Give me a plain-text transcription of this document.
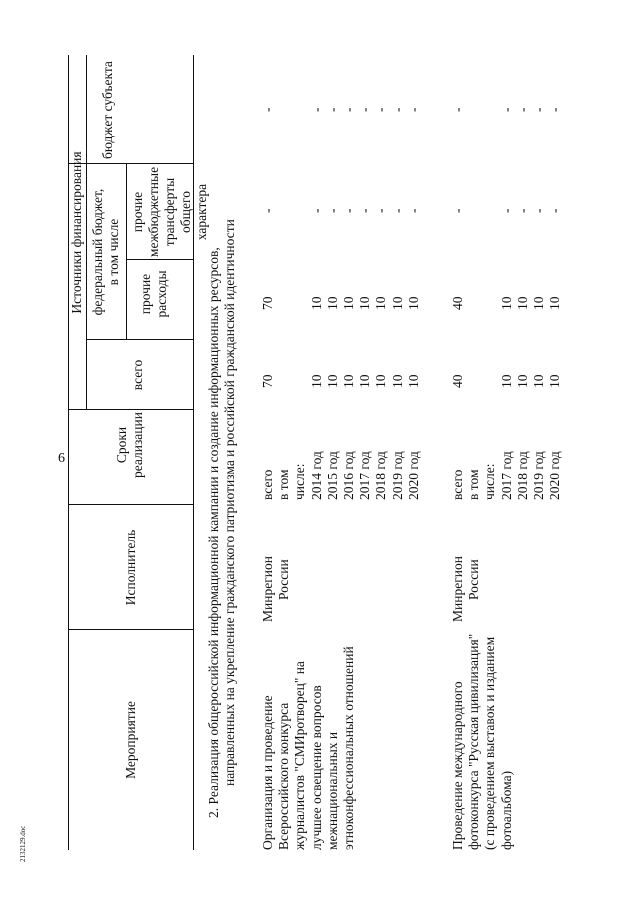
6
2132129.doc
Мероприятие
Исполнитель
Сроки реализации
Источники финансирования
всего
федеральный бюджет, в том числе
прочие расходы
прочие межбюджетные трансферты общего характера
бюджет субъекта
2. Реализация общероссийской информационной кампании и создание информационных ресурсов, направленных на укрепление гражданского патриотизма и российской гражданской идентичности Организация и проведение Всероссийского конкурса журналистов "СМИротворец" на лучшее освещение вопросов межнациональных и этноконфессиональных отношений
Минрегион России
всего в том числе: 2014 год 2015 год 2016 год 2017 год 2018 год 2019 год 2020 год
70 10 10 10 10 10 10 10
70 10 10 10 10 10 10 10
- - - - - - - -
- - - - - - - -
Проведение международного фотоконкурса "Русская цивилизация" (с проведением выставок и изданием фотоальбома)
Минрегион России
всего в том числе: 2017 год 2018 год 2019 год 2020 год
40 10 10 10 10
40 10 10 10 10
- - - - -
- - - - -
